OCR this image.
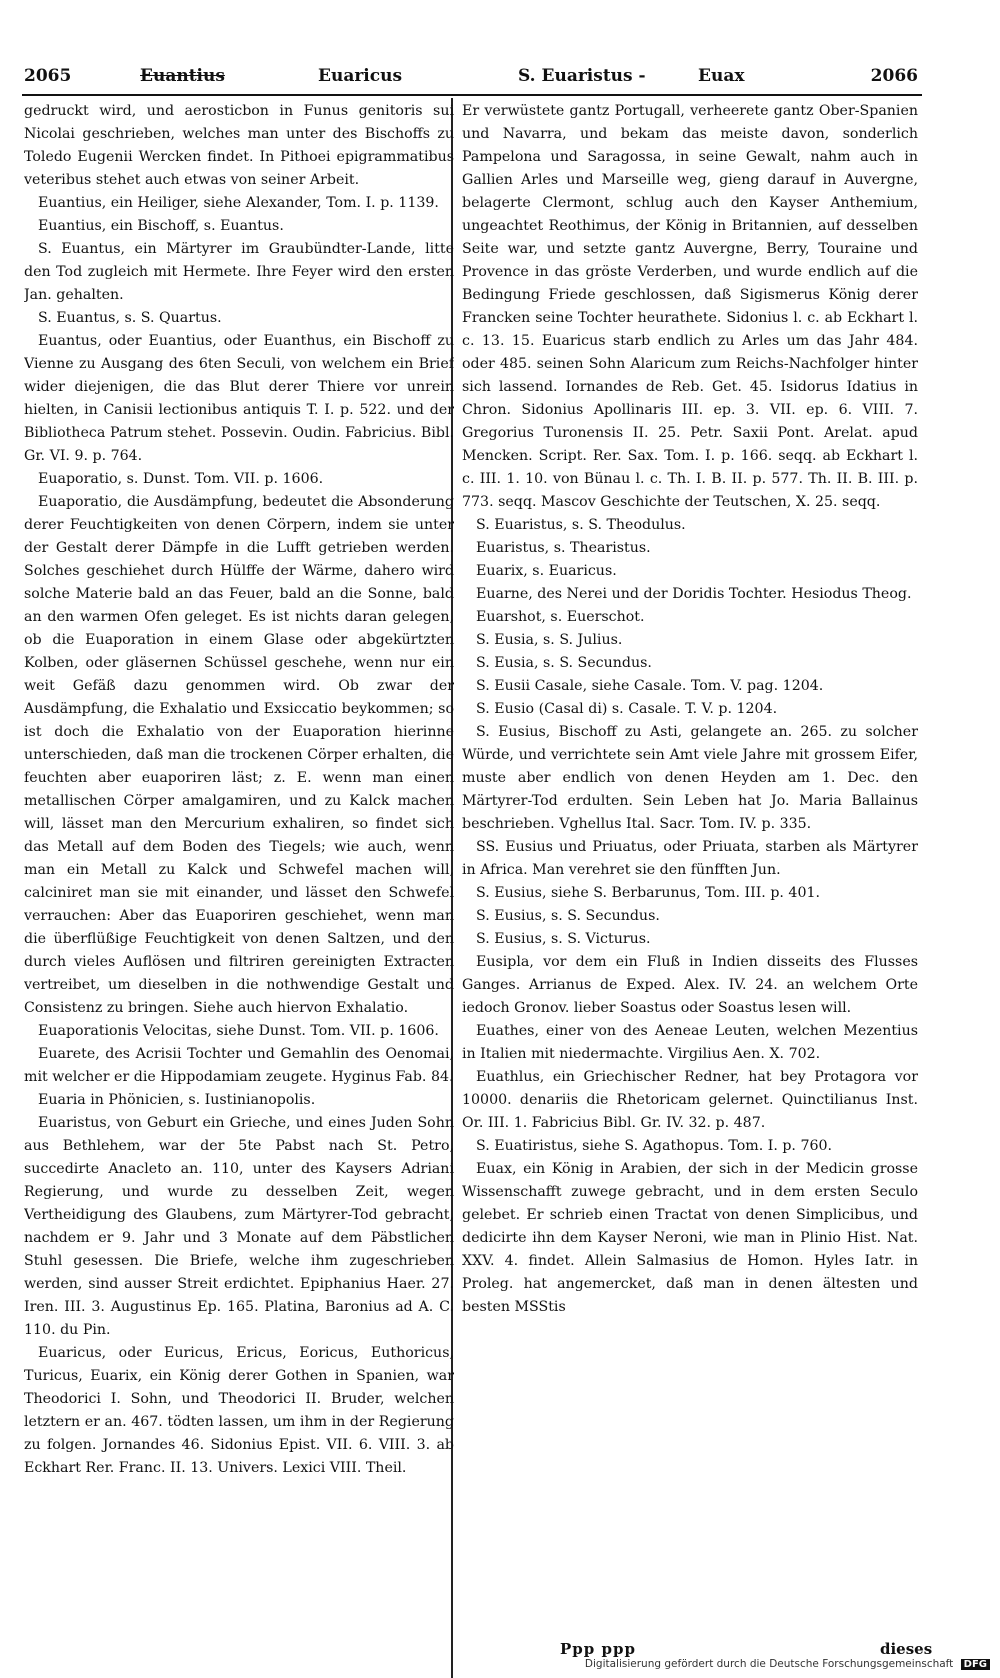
2065	Euantius	Euaricus	S. Euaristus -	Euax	2066

gedruckt wird, und aerosticbon in Funus genitoris sui Nicolai geschrieben, welches man unter des Bischoffs zu Toledo Eugenii Wercken findet. In Pithoei epigrammatibus veteribus stehet auch etwas von seiner Arbeit.

Euantius, ein Heiliger, siehe Alexander, Tom. I. p. 1139.

Euantius, ein Bischoff, s. Euantus.

S. Euantus, ein Märtyrer im Graubündter-Lande, litte den Tod zugleich mit Hermete. Ihre Feyer wird den ersten Jan. gehalten.

S. Euantus, s. S. Quartus.

Euantus, oder Euantius, oder Euanthus, ein Bischoff zu Vienne zu Ausgang des 6ten Seculi, von welchem ein Brief wider diejenigen, die das Blut derer Thiere vor unrein hielten, in Canisii lectionibus antiquis T. I. p. 522. und der Bibliotheca Patrum stehet. Possevin. Oudin. Fabricius. Bibl. Gr. VI. 9. p. 764.

Euaporatio, s. Dunst. Tom. VII. p. 1606.

Euaporatio, die Ausdämpfung, bedeutet die Absonderung derer Feuchtigkeiten von denen Cörpern, indem sie unter der Gestalt derer Dämpfe in die Lufft getrieben werden. Solches geschiehet durch Hülffe der Wärme, dahero wird solche Materie bald an das Feuer, bald an die Sonne, bald an den warmen Ofen geleget. Es ist nichts daran gelegen, ob die Euaporation in einem Glase oder abgekürtzten Kolben, oder gläsernen Schüssel geschehe, wenn nur ein weit Gefäß dazu genommen wird. Ob zwar der Ausdämpfung, die Exhalatio und Exsiccatio beykommen; so ist doch die Exhalatio von der Euaporation hierinne unterschieden, daß man die trockenen Cörper erhalten, die feuchten aber euaporiren läst; z. E. wenn man einen metallischen Cörper amalgamiren, und zu Kalck machen will, lässet man den Mercurium exhaliren, so findet sich das Metall auf dem Boden des Tiegels; wie auch, wenn man ein Metall zu Kalck und Schwefel machen will, calciniret man sie mit einander, und lässet den Schwefel verrauchen: Aber das Euaporiren geschiehet, wenn man die überflüßige Feuchtigkeit von denen Saltzen, und den durch vieles Auflösen und filtriren gereinigten Extracten vertreibet, um dieselben in die nothwendige Gestalt und Consistenz zu bringen. Siehe auch hiervon Exhalatio.

Euaporationis Velocitas, siehe Dunst. Tom. VII. p. 1606.

Euarete, des Acrisii Tochter und Gemahlin des Oenomai, mit welcher er die Hippodamiam zeugete. Hyginus Fab. 84.

Euaria in Phönicien, s. Iustinianopolis.

Euaristus, von Geburt ein Grieche, und eines Juden Sohn aus Bethlehem, war der 5te Pabst nach St. Petro, succedirte Anacleto an. 110, unter des Kaysers Adriani Regierung, und wurde zu desselben Zeit, wegen Vertheidigung des Glaubens, zum Märtyrer-Tod gebracht, nachdem er 9. Jahr und 3 Monate auf dem Päbstlichen Stuhl gesessen. Die Briefe, welche ihm zugeschrieben werden, sind ausser Streit erdichtet. Epiphanius Haer. 27. Iren. III. 3. Augustinus Ep. 165. Platina, Baronius ad A. C. 110. du Pin.

Euaricus, oder Euricus, Ericus, Eoricus, Euthoricus, Turicus, Euarix, ein König derer Gothen in Spanien, war Theodorici I. Sohn, und Theodorici II. Bruder, welchen letztern er an. 467. tödten lassen, um ihm in der Regierung zu folgen. Jornandes 46. Sidonius Epist. VII. 6. VIII. 3. ab Eckhart Rer. Franc. II. 13. Univers. Lexici VIII. Theil.

Er verwüstete gantz Portugall, verheerete gantz Ober-Spanien und Navarra, und bekam das meiste davon, sonderlich Pampelona und Saragossa, in seine Gewalt, nahm auch in Gallien Arles und Marseille weg, gieng darauf in Auvergne, belagerte Clermont, schlug auch den Kayser Anthemium, ungeachtet Reothimus, der König in Britannien, auf desselben Seite war, und setzte gantz Auvergne, Berry, Touraine und Provence in das gröste Verderben, und wurde endlich auf die Bedingung Friede geschlossen, daß Sigismerus König derer Francken seine Tochter heurathete. Sidonius l. c. ab Eckhart l. c. 13. 15. Euaricus starb endlich zu Arles um das Jahr 484. oder 485. seinen Sohn Alaricum zum Reichs-Nachfolger hinter sich lassend. Iornandes de Reb. Get. 45. Isidorus Idatius in Chron. Sidonius Apollinaris III. ep. 3. VII. ep. 6. VIII. 7. Gregorius Turonensis II. 25. Petr. Saxii Pont. Arelat. apud Mencken. Script. Rer. Sax. Tom. I. p. 166. seqq. ab Eckhart l. c. III. 1. 10. von Bünau l. c. Th. I. B. II. p. 577. Th. II. B. III. p. 773. seqq. Mascov Geschichte der Teutschen, X. 25. seqq.

S. Euaristus, s. S. Theodulus.

Euaristus, s. Thearistus.

Euarix, s. Euaricus.

Euarne, des Nerei und der Doridis Tochter. Hesiodus Theog.

Euarshot, s. Euerschot.

S. Eusia, s. S. Julius.

S. Eusia, s. S. Secundus.

S. Eusii Casale, siehe Casale. Tom. V. pag. 1204.

S. Eusio (Casal di) s. Casale. T. V. p. 1204.

S. Eusius, Bischoff zu Asti, gelangete an. 265. zu solcher Würde, und verrichtete sein Amt viele Jahre mit grossem Eifer, muste aber endlich von denen Heyden am 1. Dec. den Märtyrer-Tod erdulten. Sein Leben hat Jo. Maria Ballainus beschrieben. Vghellus Ital. Sacr. Tom. IV. p. 335.

SS. Eusius und Priuatus, oder Priuata, starben als Märtyrer in Africa. Man verehret sie den fünfften Jun.

S. Eusius, siehe S. Berbarunus, Tom. III. p. 401.

S. Eusius, s. S. Secundus.

S. Eusius, s. S. Victurus.

Eusipla, vor dem ein Fluß in Indien disseits des Flusses Ganges. Arrianus de Exped. Alex. IV. 24. an welchem Orte iedoch Gronov. lieber Soastus oder Soastus lesen will.

Euathes, einer von des Aeneae Leuten, welchen Mezentius in Italien mit niedermachte. Virgilius Aen. X. 702.

Euathlus, ein Griechischer Redner, hat bey Protagora vor 10000. denariis die Rhetoricam gelernet. Quinctilianus Inst. Or. III. 1. Fabricius Bibl. Gr. IV. 32. p. 487.

S. Euatiristus, siehe S. Agathopus. Tom. I. p. 760.

Euax, ein König in Arabien, der sich in der Medicin grosse Wissenschafft zuwege gebracht, und in dem ersten Seculo gelebet. Er schrieb einen Tractat von denen Simplicibus, und dedicirte ihn dem Kayser Neroni, wie man in Plinio Hist. Nat. XXV. 4. findet. Allein Salmasius de Homon. Hyles Iatr. in Proleg. hat angemercket, daß man in denen ältesten und besten MSStis

Ppp ppp	dieses
Digitalisierung gefördert durch die Deutsche Forschungsgemeinschaft DFG
